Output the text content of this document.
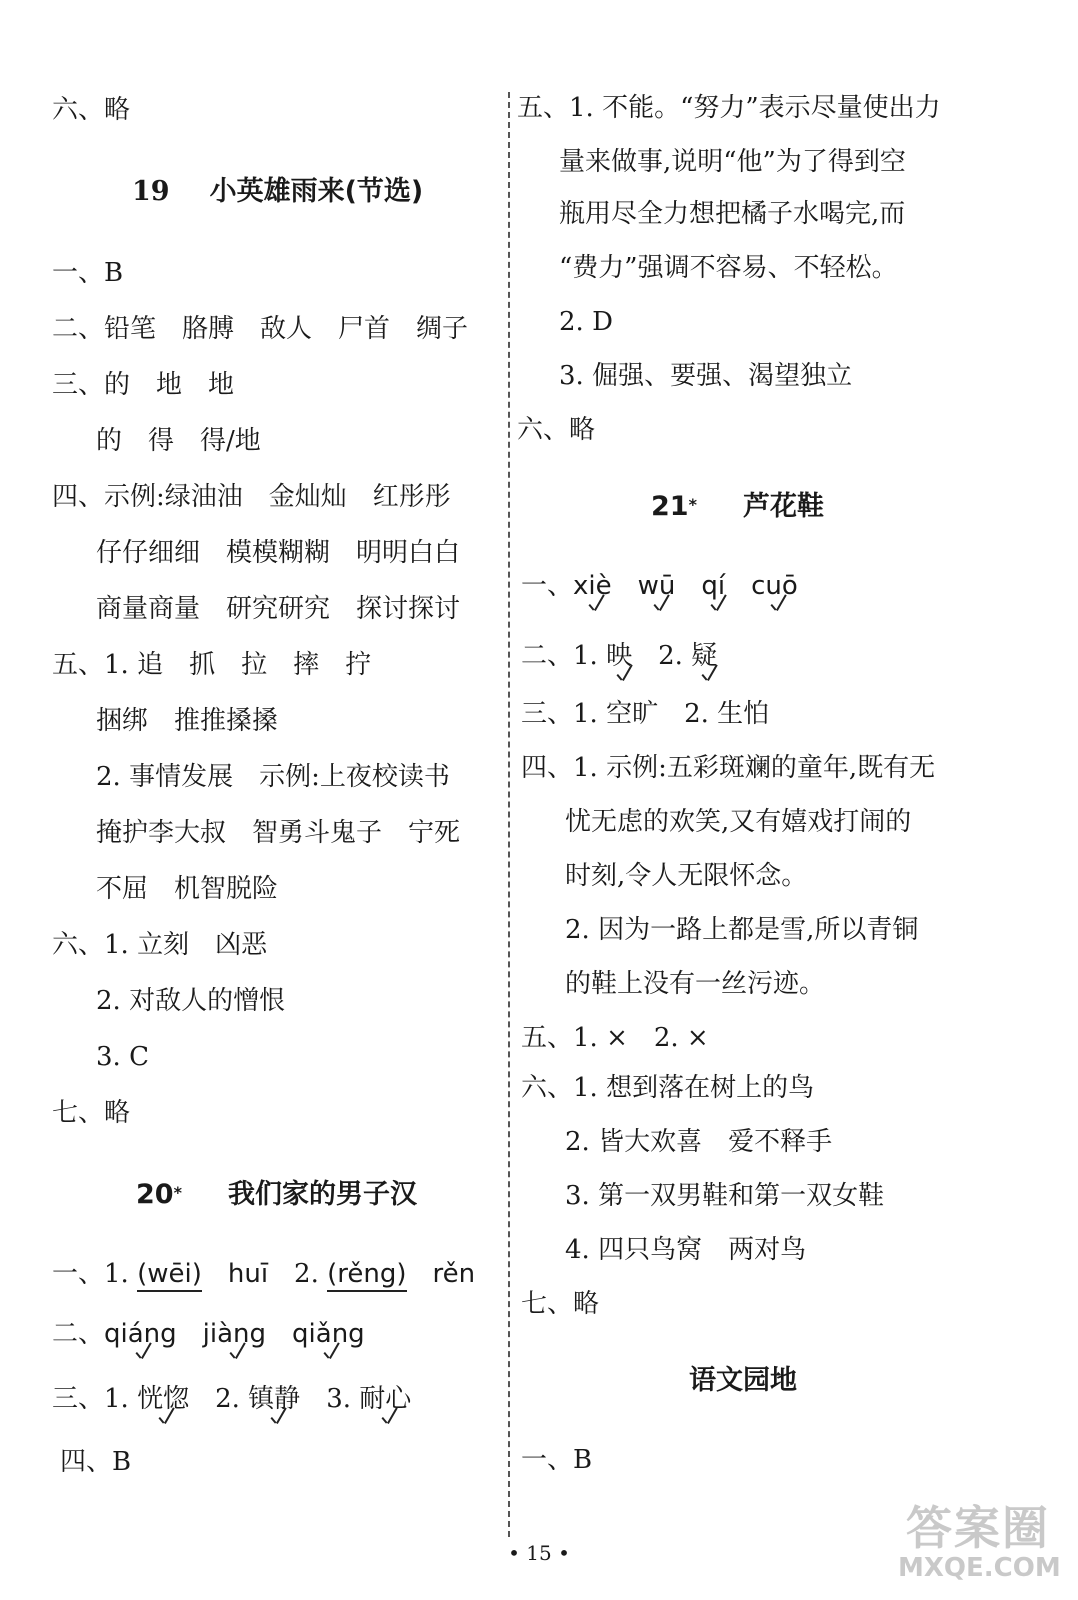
六、略
19 小英雄雨来(节选)
一、B
二、铅笔　胳膊　敌人　尸首　绸子
三、的　地　地
的　得　得/地
四、示例:绿油油　金灿灿　红彤彤
仔仔细细　模模糊糊　明明白白
商量商量　研究研究　探讨探讨
五、1. 追　抓　拉　摔　拧
捆绑　推推搡搡
2. 事情发展　示例:上夜校读书
掩护李大叔　智勇斗鬼子　宁死
不屈　机智脱险
六、1. 立刻　凶恶
2. 对敌人的憎恨
3. C
七、略
20* 我们家的男子汉
一、1. (wēi) huī 2. (rěng) rěn
二、qiáng jiàng qiǎng
三、1. 恍惚 2. 镇静 3. 耐心
四、B
五、1. 不能。“努力”表示尽量使出力
量来做事,说明“他”为了得到空
瓶用尽全力想把橘子水喝完,而
“费力”强调不容易、不轻松。
2. D
3. 倔强、要强、渴望独立
六、略
21* 芦花鞋
一、xiè wū qí cuō
二、1. 映 2. 疑
三、1. 空旷　2. 生怕
四、1. 示例:五彩斑斓的童年,既有无
忧无虑的欢笑,又有嬉戏打闹的
时刻,令人无限怀念。
2. 因为一路上都是雪,所以青铜
的鞋上没有一丝污迹。
五、1. ×　2. ×
六、1. 想到落在树上的鸟
2. 皆大欢喜　爱不释手
3. 第一双男鞋和第一双女鞋
4. 四只鸟窝　两对鸟
七、略
语文园地
一、B
• 15 •	答案圈
MXQE.COM
